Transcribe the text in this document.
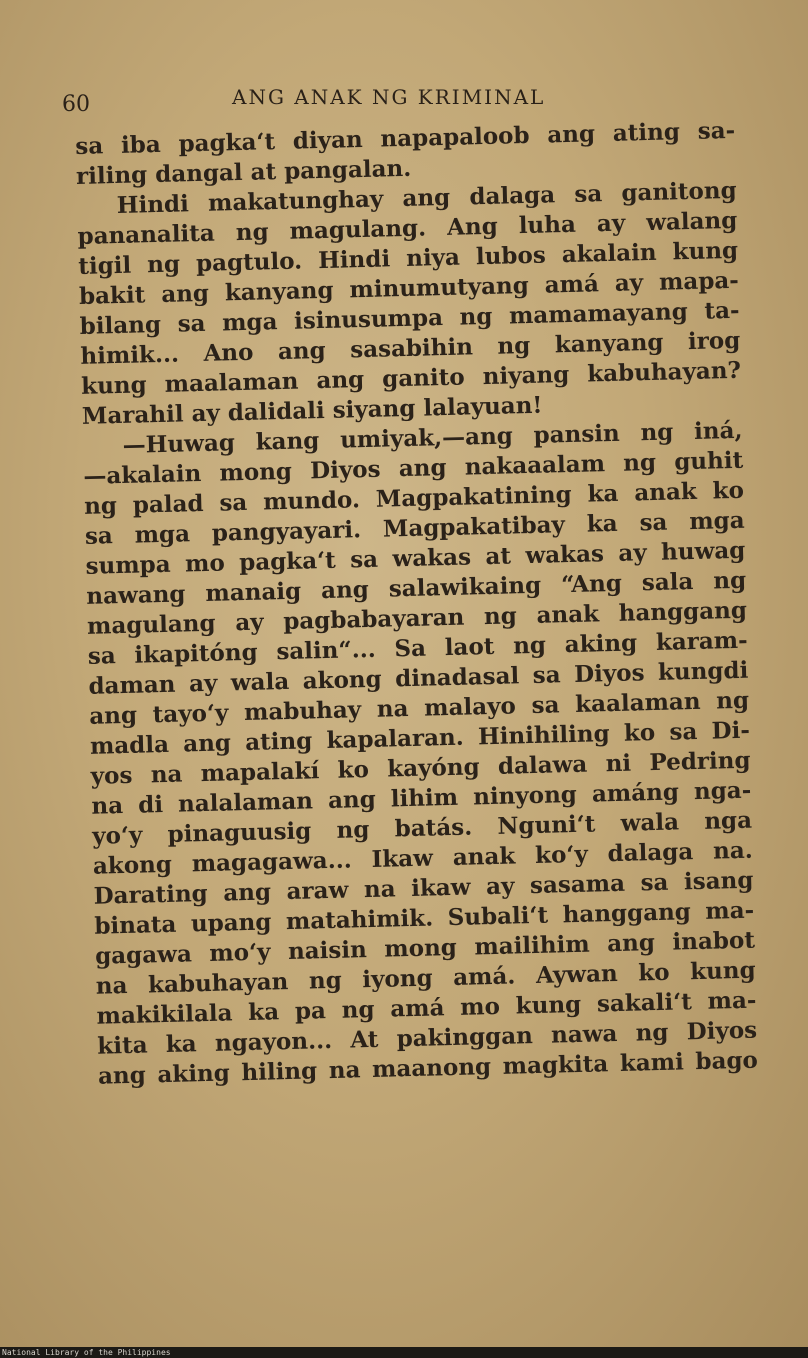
60	ANG ANAK NG KRIMINAL
sa iba pagka‘t diyan napapaloob ang ating sa-
riling dangal at pangalan.
Hindi makatunghay ang dalaga sa ganitong
pananalita ng magulang. Ang luha ay walang
tigil ng pagtulo. Hindi niya lubos akalain kung
bakit ang kanyang minumutyang amá ay mapa-
bilang sa mga isinusumpa ng mamamayang ta-
himik... Ano ang sasabihin ng kanyang irog
kung maalaman ang ganito niyang kabuhayan?
Marahil ay dalidali siyang lalayuan!
—Huwag kang umiyak,—ang pansin ng iná,
—akalain mong Diyos ang nakaaalam ng guhit
ng palad sa mundo. Magpakatining ka anak ko
sa mga pangyayari. Magpakatibay ka sa mga
sumpa mo pagka‘t sa wakas at wakas ay huwag
nawang manaig ang salawikaing “Ang sala ng
magulang ay pagbabayaran ng anak hanggang
sa ikapitóng salin“... Sa laot ng aking karam-
daman ay wala akong dinadasal sa Diyos kungdi
ang tayo‘y mabuhay na malayo sa kaalaman ng
madla ang ating kapalaran. Hinihiling ko sa Di-
yos na mapalakí ko kayóng dalawa ni Pedring
na di nalalaman ang lihim ninyong amáng nga-
yo‘y pinaguusig ng batás. Nguni‘t wala nga
akong magagawa... Ikaw anak ko‘y dalaga na.
Darating ang araw na ikaw ay sasama sa isang
binata upang matahimik. Subali‘t hanggang ma-
gagawa mo‘y naisin mong mailihim ang inabot
na kabuhayan ng iyong amá. Aywan ko kung
makikilala ka pa ng amá mo kung sakali‘t ma-
kita ka ngayon... At pakinggan nawa ng Diyos
ang aking hiling na maanong magkita kami bago
National Library of the Philippines
